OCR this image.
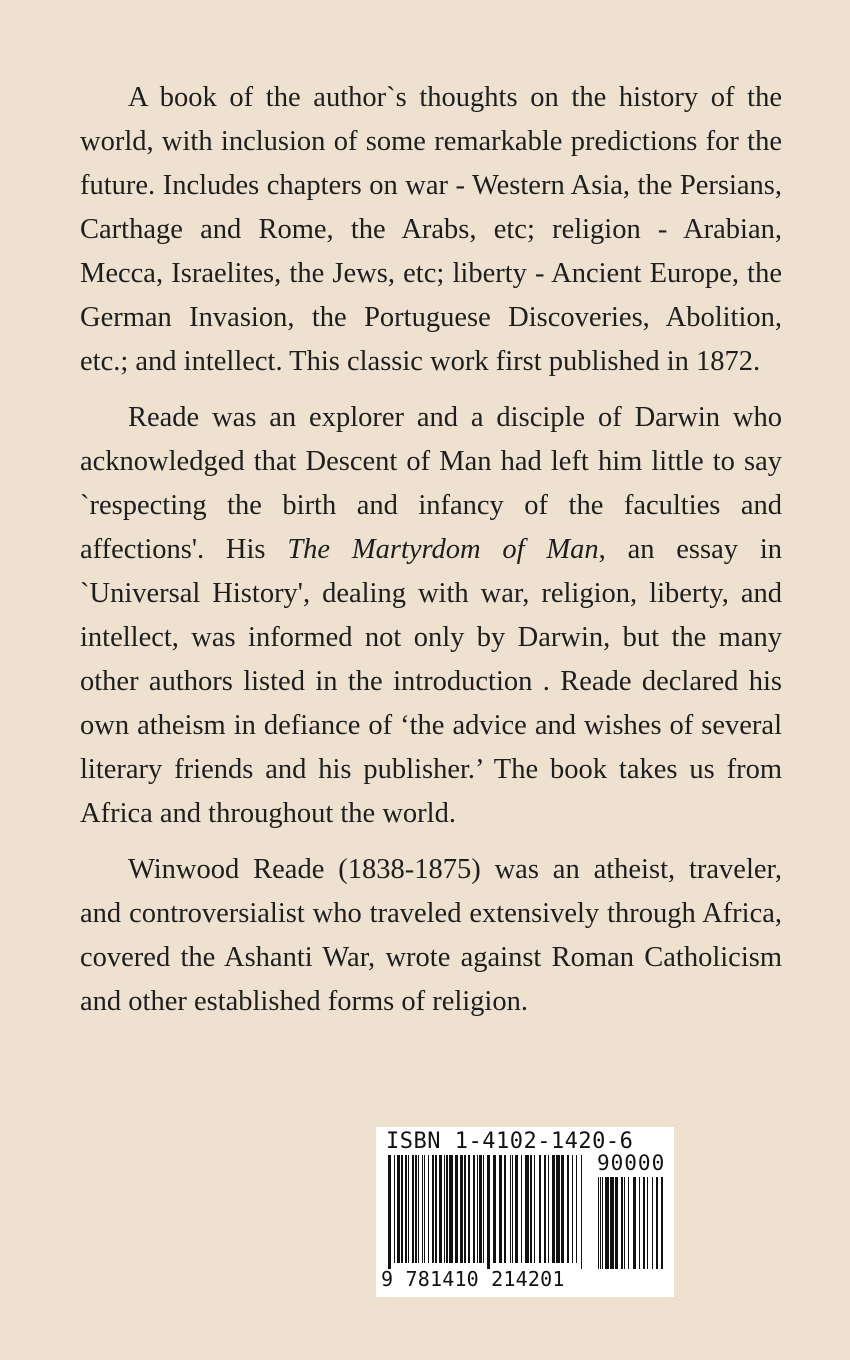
A book of the author`s thoughts on the history of the world, with inclusion of some remarkable predictions for the future. Includes chapters on war - Western Asia, the Persians, Carthage and Rome, the Arabs, etc; religion - Arabian, Mecca, Israelites, the Jews, etc; liberty - Ancient Europe, the German Invasion, the Portuguese Discoveries, Abolition, etc.; and intellect. This classic work first published in 1872.

Reade was an explorer and a disciple of Darwin who acknowledged that Descent of Man had left him little to say `respecting the birth and infancy of the faculties and affections'. His The Martyrdom of Man, an essay in `Universal History', dealing with war, religion, liberty, and intellect, was informed not only by Darwin, but the many other authors listed in the introduction . Reade declared his own atheism in defiance of ‘the advice and wishes of several literary friends and his publisher.’ The book takes us from Africa and throughout the world.

Winwood Reade (1838-1875) was an atheist, traveler, and controversialist who traveled extensively through Africa, covered the Ashanti War, wrote against Roman Catholicism and other established forms of religion.

ISBN 1-4102-1420-6
90000
9 781410 214201
